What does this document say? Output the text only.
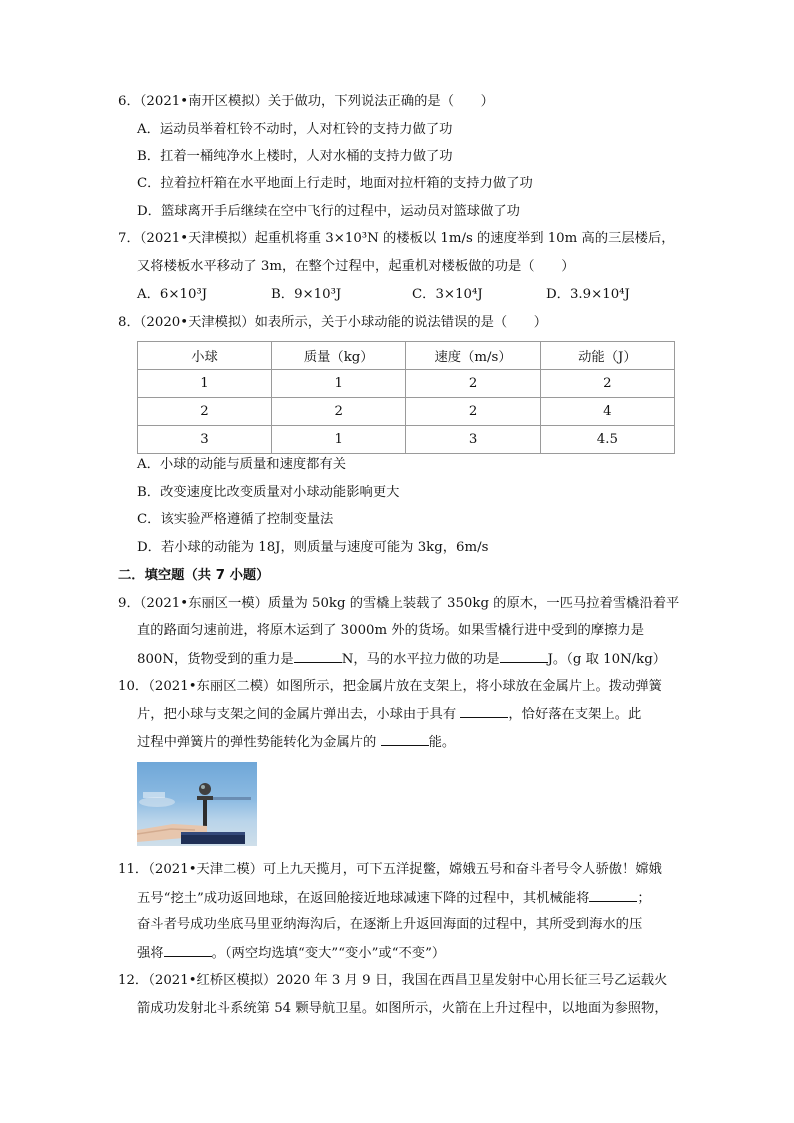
6．（2021•南开区模拟）关于做功，下列说法正确的是（　　）
A．运动员举着杠铃不动时，人对杠铃的支持力做了功
B．扛着一桶纯净水上楼时，人对水桶的支持力做了功
C．拉着拉杆箱在水平地面上行走时，地面对拉杆箱的支持力做了功
D．篮球离开手后继续在空中飞行的过程中，运动员对篮球做了功
7．（2021•天津模拟）起重机将重 3×10³N 的楼板以 1m/s 的速度举到 10m 高的三层楼后，
又将楼板水平移动了 3m，在整个过程中，起重机对楼板做的功是（　　）
A．6×10³J	B．9×10³J	C．3×10⁴J	D．3.9×10⁴J
8．（2020•天津模拟）如表所示，关于小球动能的说法错误的是（　　）
小球	质量（kg）	速度（m/s）	动能（J）
1	1	2	2
2	2	2	4
3	1	3	4.5
A．小球的动能与质量和速度都有关
B．改变速度比改变质量对小球动能影响更大
C．该实验严格遵循了控制变量法
D．若小球的动能为 18J，则质量与速度可能为 3kg，6m/s
二．填空题（共 7 小题）
9．（2021•东丽区一模）质量为 50kg 的雪橇上装载了 350kg 的原木，一匹马拉着雪橇沿着平
直的路面匀速前进，将原木运到了 3000m 外的货场。如果雪橇行进中受到的摩擦力是
800N，货物受到的重力是	N，马的水平拉力做的功是	J。（g 取 10N/kg）
10．（2021•东丽区二模）如图所示，把金属片放在支架上，将小球放在金属片上。拨动弹簧
片，把小球与支架之间的金属片弹出去，小球由于具有	，恰好落在支架上。此
过程中弹簧片的弹性势能转化为金属片的	能。
11．（2021•天津二模）可上九天揽月，可下五洋捉鳖，嫦娥五号和奋斗者号令人骄傲！嫦娥
五号“挖土”成功返回地球，在返回舱接近地球减速下降的过程中，其机械能将	；
奋斗者号成功坐底马里亚纳海沟后，在逐渐上升返回海面的过程中，其所受到海水的压
强将	。（两空均选填“变大”“变小”或“不变”）
12．（2021•红桥区模拟）2020 年 3 月 9 日，我国在西昌卫星发射中心用长征三号乙运载火
箭成功发射北斗系统第 54 颗导航卫星。如图所示，火箭在上升过程中，以地面为参照物，
